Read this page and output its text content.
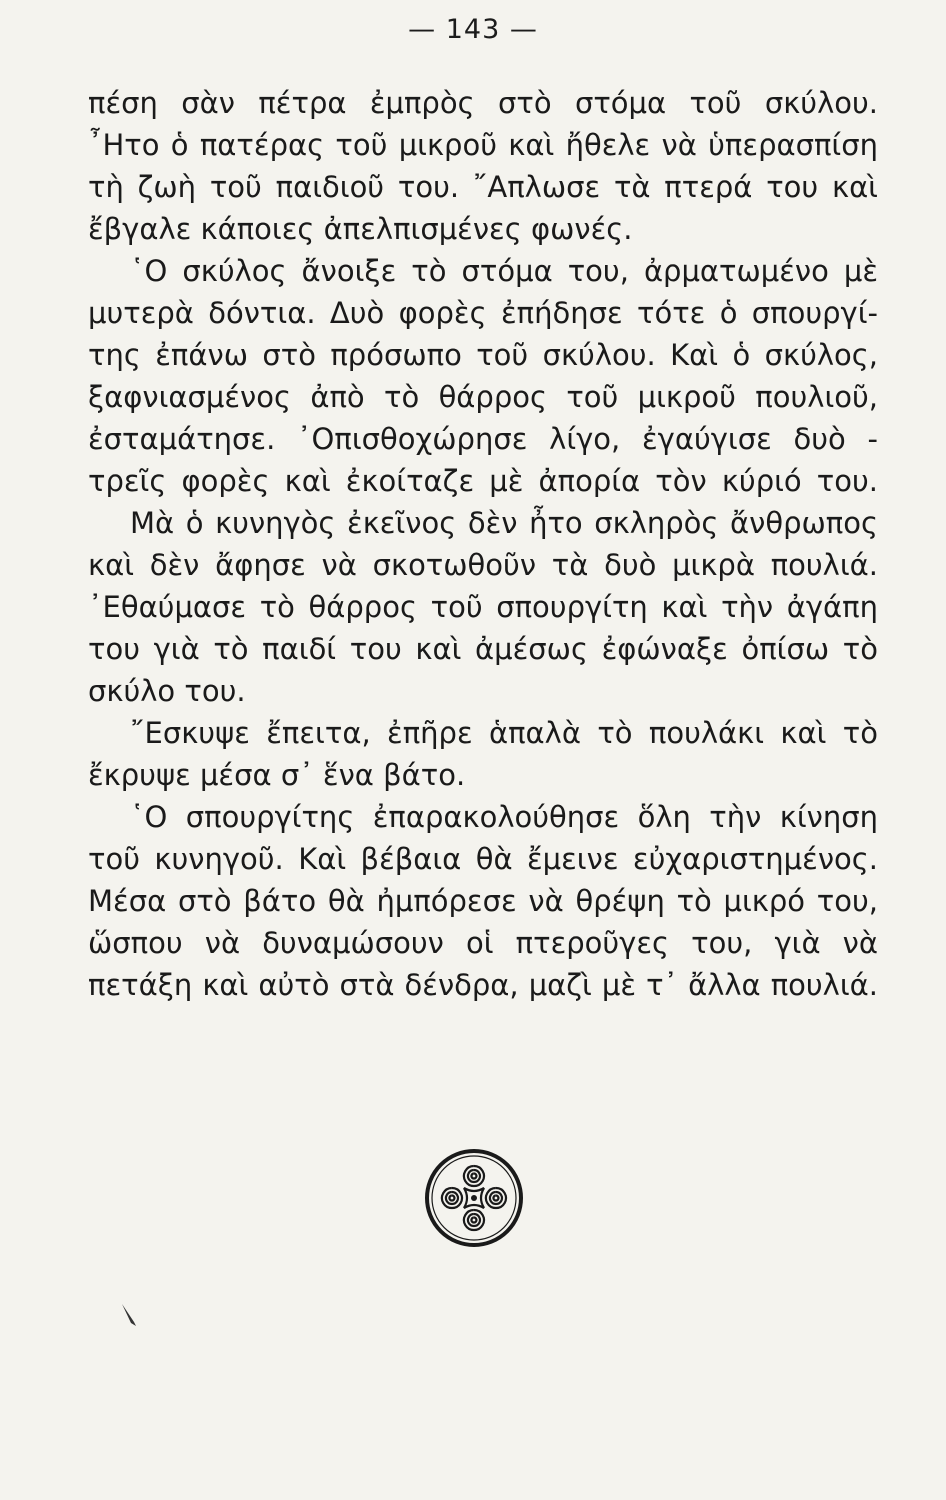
— 143 —
πέση σὰν πέτρα ἐμπρὸς στὸ στόμα τοῦ σκύλου.
῏Ητο ὁ πατέρας τοῦ μικροῦ καὶ ἤθελε νὰ ὑπερασπίση
τὴ ζωὴ τοῦ παιδιοῦ του. ῎Απλωσε τὰ πτερά του καὶ
ἔβγαλε κάποιες ἀπελπισμένες φωνές.
῾Ο σκύλος ἄνοιξε τὸ στόμα του, ἀρματωμένο μὲ
μυτερὰ δόντια. Δυὸ φορὲς ἐπήδησε τότε ὁ σπουργί-
της ἐπάνω στὸ πρόσωπο τοῦ σκύλου. Καὶ ὁ σκύλος,
ξαφνιασμένος ἀπὸ τὸ θάρρος τοῦ μικροῦ πουλιοῦ,
ἐσταμάτησε. ᾿Οπισθοχώρησε λίγο, ἐγαύγισε δυὸ -
τρεῖς φορὲς καὶ ἐκοίταζε μὲ ἀπορία τὸν κύριό του.
Μὰ ὁ κυνηγὸς ἐκεῖνος δὲν ἦτο σκληρὸς ἄνθρωπος
καὶ δὲν ἄφησε νὰ σκοτωθοῦν τὰ δυὸ μικρὰ πουλιά.
᾿Εθαύμασε τὸ θάρρος τοῦ σπουργίτη καὶ τὴν ἀγάπη
του γιὰ τὸ παιδί του καὶ ἀμέσως ἐφώναξε ὀπίσω τὸ
σκύλο του.
῎Εσκυψε ἔπειτα, ἐπῆρε ἁπαλὰ τὸ πουλάκι καὶ τὸ
ἔκρυψε μέσα σ᾿ ἕνα βάτο.
῾Ο σπουργίτης ἐπαρακολούθησε ὅλη τὴν κίνηση
τοῦ κυνηγοῦ. Καὶ βέβαια θὰ ἔμεινε εὐχαριστημένος.
Μέσα στὸ βάτο θὰ ἠμπόρεσε νὰ θρέψη τὸ μικρό του,
ὥσπου νὰ δυναμώσουν οἱ πτεροῦγες του, γιὰ νὰ
πετάξη καὶ αὐτὸ στὰ δένδρα, μαζὶ μὲ τ᾿ ἄλλα πουλιά.
